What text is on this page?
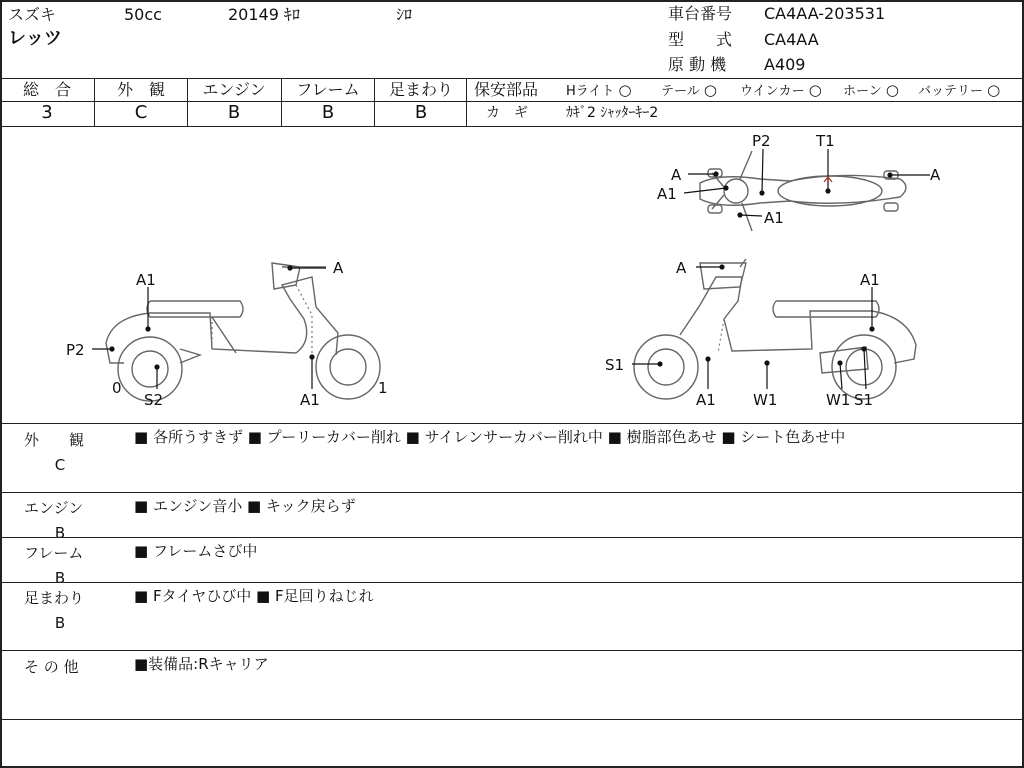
スズキ	50cc	20149 ｷﾛ	ｼﾛ
レッツ
車台番号 CA4AA-203531
型　　式 CA4AA
原 動 機 A409
総　合
3
外　観
C
エンジン
B
フレーム
B
足まわり
B
保安部品 Hライト ○ テール ○ ウインカー ○ ホーン ○ バッテリー ○
カ　ギ	ｶｷﾞ2 ｼｬｯﾀｰｷｰ2
A
A1
A1
P2	T1
A
A1
A
P2
0
S2	A1
1
A
A1
S1
A1 W1	W1 S1
外　　観
C
■ 各所うすきず ■ プーリーカバー削れ ■ サイレンサーカバー削れ中 ■ 樹脂部色あせ ■ シート色あせ中
エンジン
B
■ エンジン音小 ■ キック戻らず
フレーム
B
■ フレームさび中
足まわり
B
■ Fタイヤひび中 ■ F足回りねじれ
そ の 他	■装備品:Rキャリア
